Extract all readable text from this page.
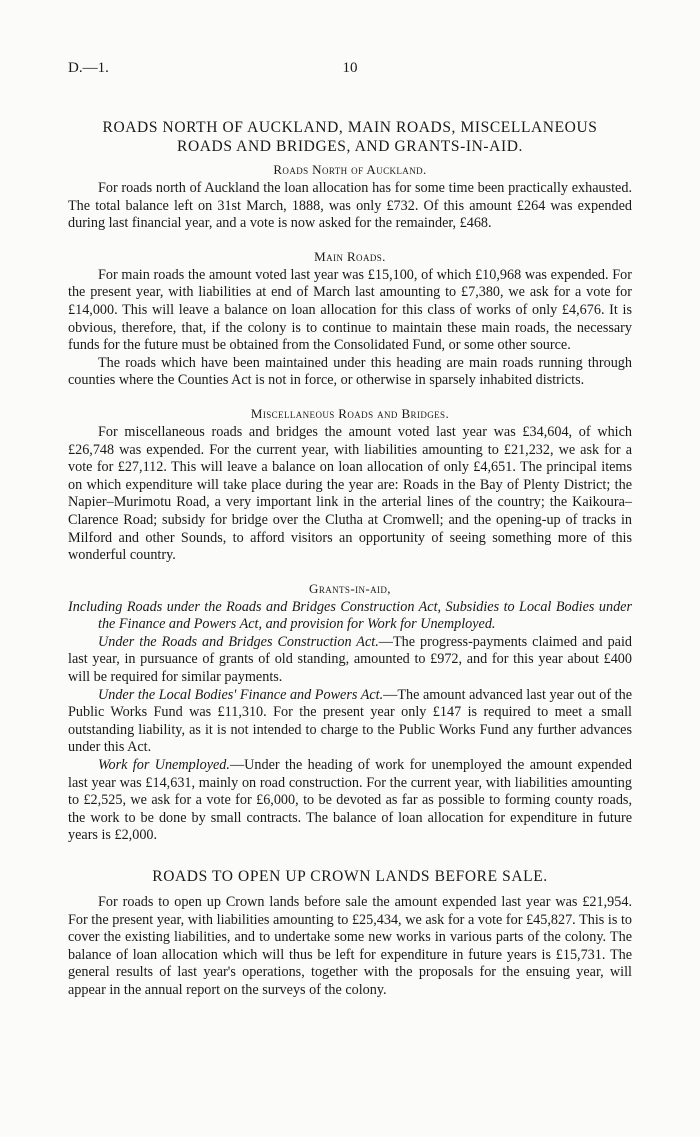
D.—1.	10
ROADS NORTH OF AUCKLAND, MAIN ROADS, MISCELLANEOUS
ROADS AND BRIDGES, AND GRANTS-IN-AID.
Roads North of Auckland.

For roads north of Auckland the loan allocation has for some time been practically exhausted. The total balance left on 31st March, 1888, was only £732. Of this amount £264 was expended during last financial year, and a vote is now asked for the remainder, £468.

Main Roads.

For main roads the amount voted last year was £15,100, of which £10,968 was expended. For the present year, with liabilities at end of March last amounting to £7,380, we ask for a vote for £14,000. This will leave a balance on loan allocation for this class of works of only £4,676. It is obvious, therefore, that, if the colony is to continue to maintain these main roads, the necessary funds for the future must be obtained from the Consolidated Fund, or some other source.

The roads which have been maintained under this heading are main roads running through counties where the Counties Act is not in force, or otherwise in sparsely inhabited districts.

Miscellaneous Roads and Bridges.

For miscellaneous roads and bridges the amount voted last year was £34,604, of which £26,748 was expended. For the current year, with liabilities amounting to £21,232, we ask for a vote for £27,112. This will leave a balance on loan allocation of only £4,651. The principal items on which expenditure will take place during the year are: Roads in the Bay of Plenty District; the Napier–Murimotu Road, a very important link in the arterial lines of the country; the Kaikoura–Clarence Road; subsidy for bridge over the Clutha at Cromwell; and the opening-up of tracks in Milford and other Sounds, to afford visitors an opportunity of seeing something more of this wonderful country.

Grants-in-aid,

Including Roads under the Roads and Bridges Construction Act, Subsidies to Local Bodies under the Finance and Powers Act, and provision for Work for Unemployed.

Under the Roads and Bridges Construction Act.—The progress-payments claimed and paid last year, in pursuance of grants of old standing, amounted to £972, and for this year about £400 will be required for similar payments.

Under the Local Bodies' Finance and Powers Act.—The amount advanced last year out of the Public Works Fund was £11,310. For the present year only £147 is required to meet a small outstanding liability, as it is not intended to charge to the Public Works Fund any further advances under this Act.

Work for Unemployed.—Under the heading of work for unemployed the amount expended last year was £14,631, mainly on road construction. For the current year, with liabilities amounting to £2,525, we ask for a vote for £6,000, to be devoted as far as possible to forming county roads, the work to be done by small contracts. The balance of loan allocation for expenditure in future years is £2,000.

ROADS TO OPEN UP CROWN LANDS BEFORE SALE.

For roads to open up Crown lands before sale the amount expended last year was £21,954. For the present year, with liabilities amounting to £25,434, we ask for a vote for £45,827. This is to cover the existing liabilities, and to undertake some new works in various parts of the colony. The balance of loan allocation which will thus be left for expenditure in future years is £15,731. The general results of last year's operations, together with the proposals for the ensuing year, will appear in the annual report on the surveys of the colony.
